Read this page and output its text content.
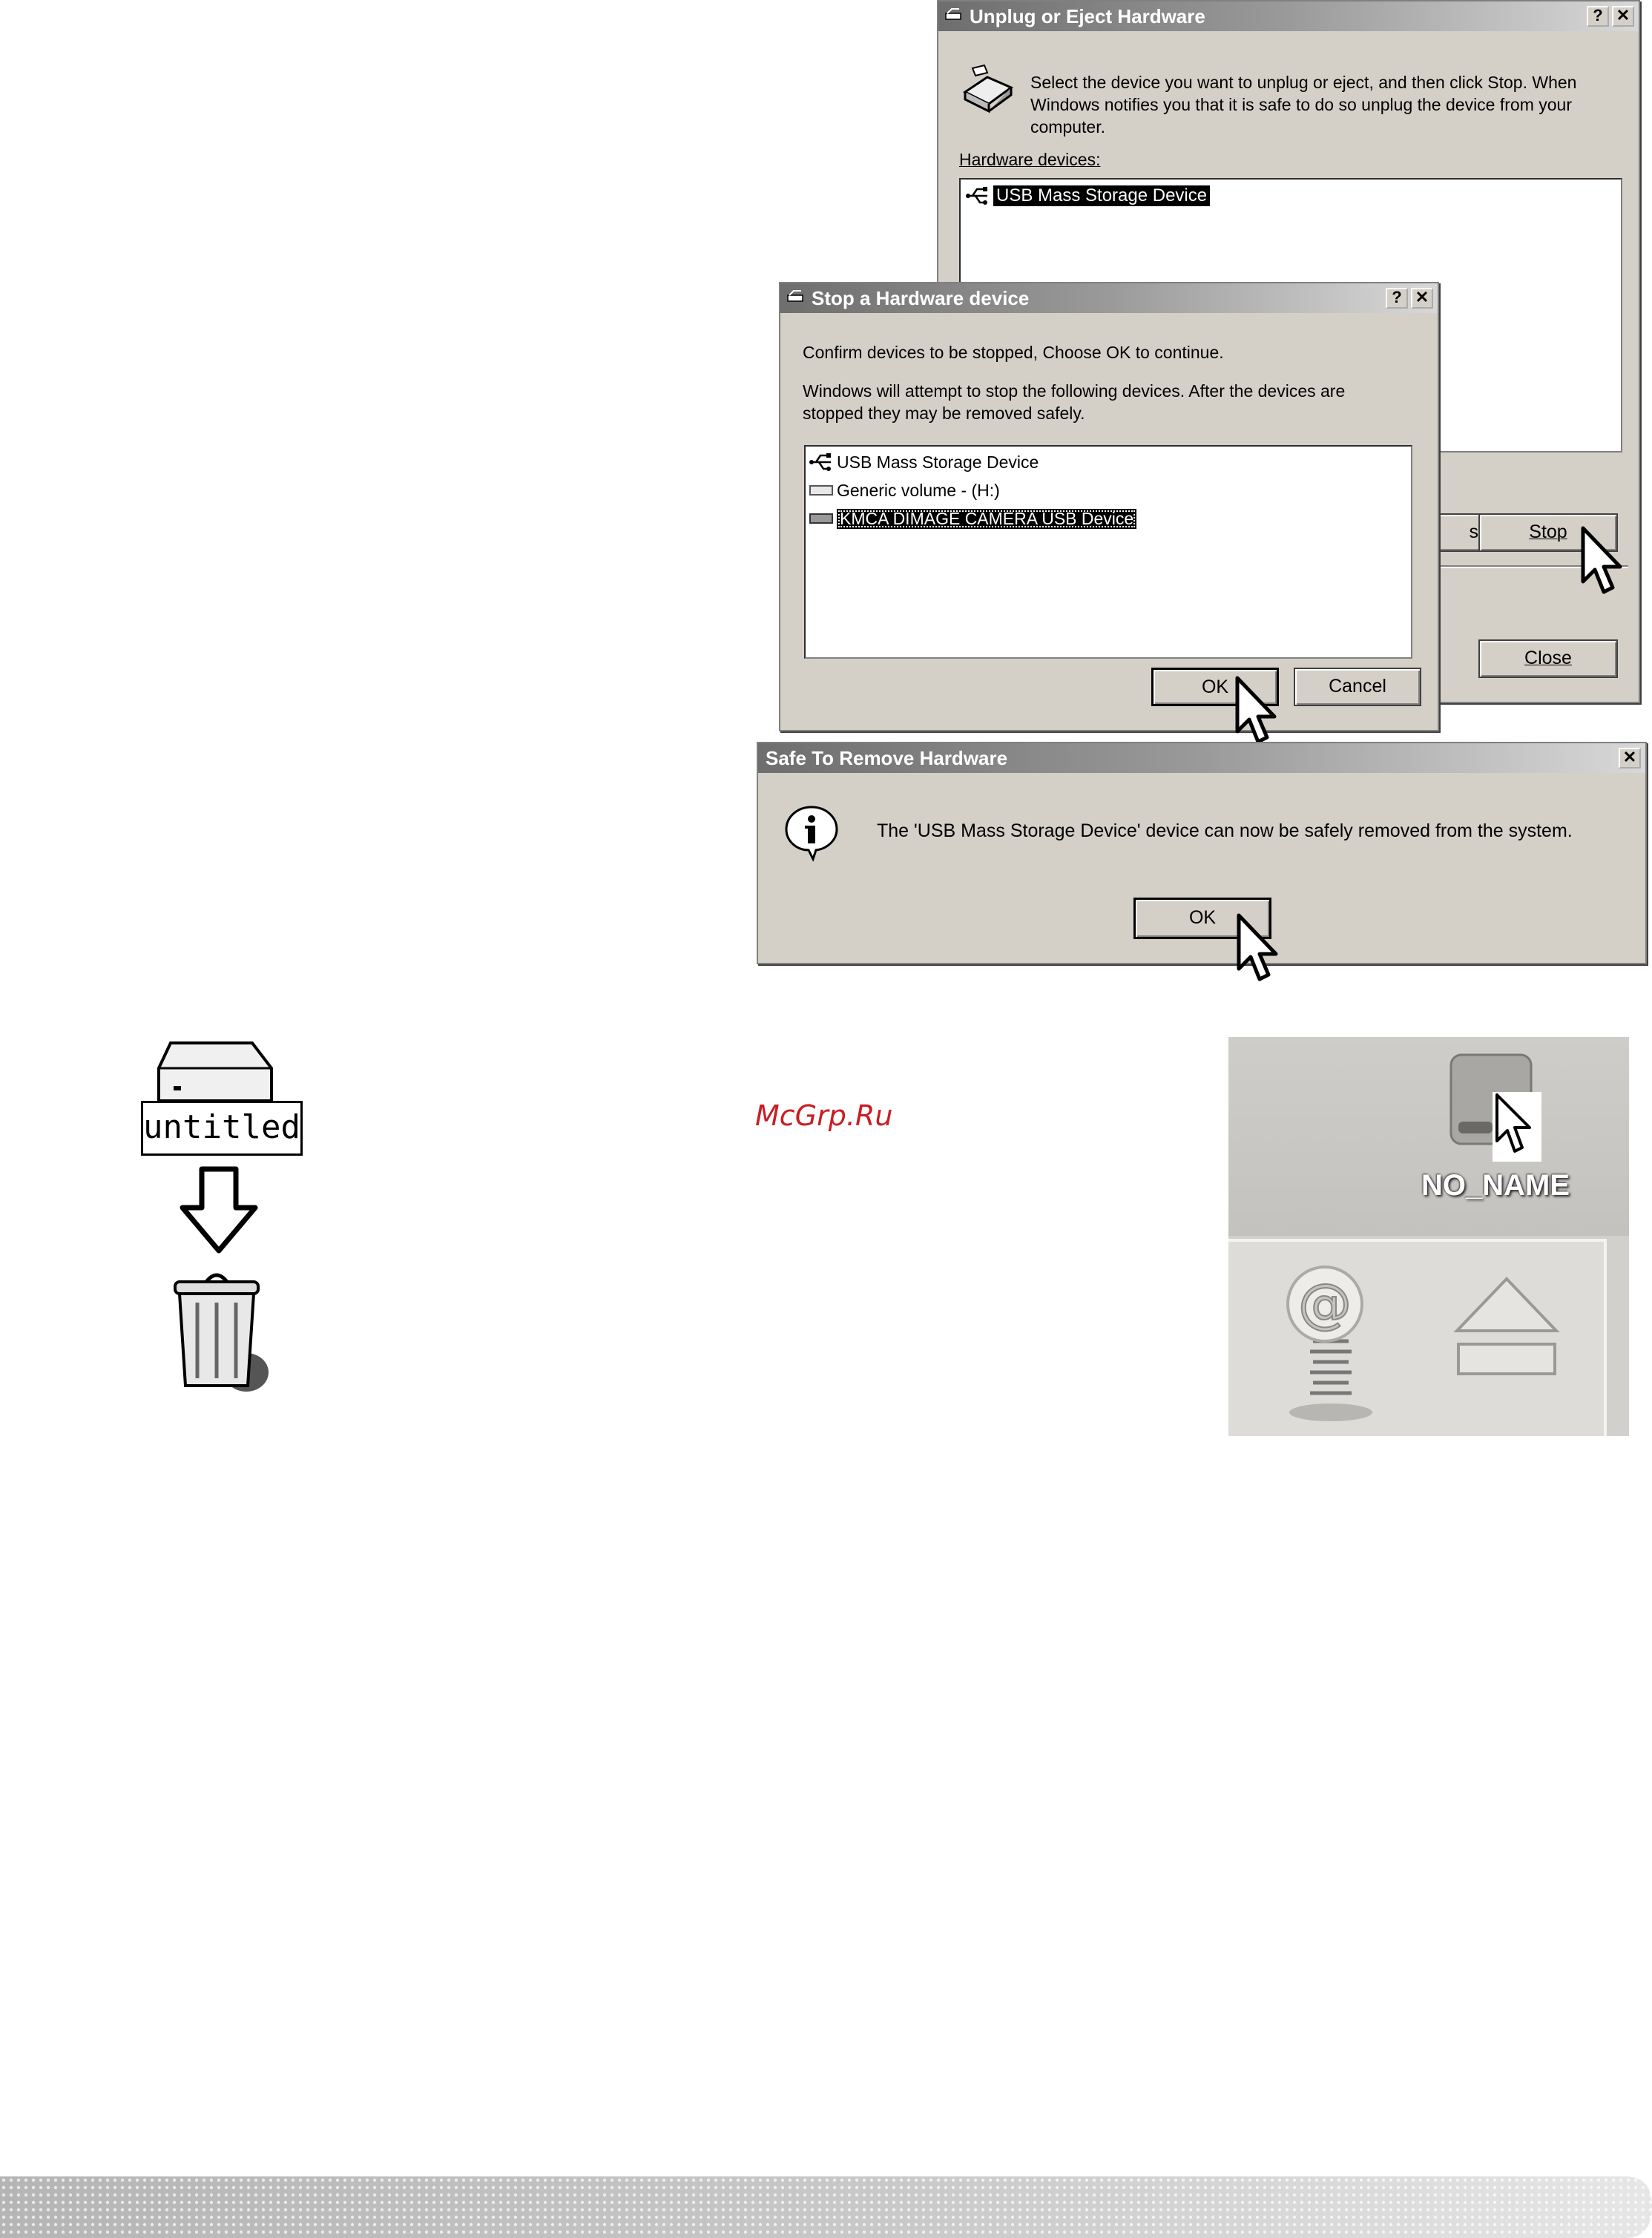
Unplug or Eject Hardware	? ✕
Select the device you want to unplug or eject, and then click Stop. When Windows notifies you that it is safe to do so unplug the device from your computer.
Hardware devices:
USB Mass Storage Device
s	Stop
Close
Stop a Hardware device	? ✕
Confirm devices to be stopped, Choose OK to continue.
Windows will attempt to stop the following devices. After the devices are
stopped they may be removed safely.
USB Mass Storage Device
Generic volume - (H:)
KMCA DIMAGE CAMERA USB Device
OK	Cancel
Safe To Remove Hardware	✕
The 'USB Mass Storage Device' device can now be safely removed from the system.
OK
untitled	McGrp.Ru
NO_NAME
@
